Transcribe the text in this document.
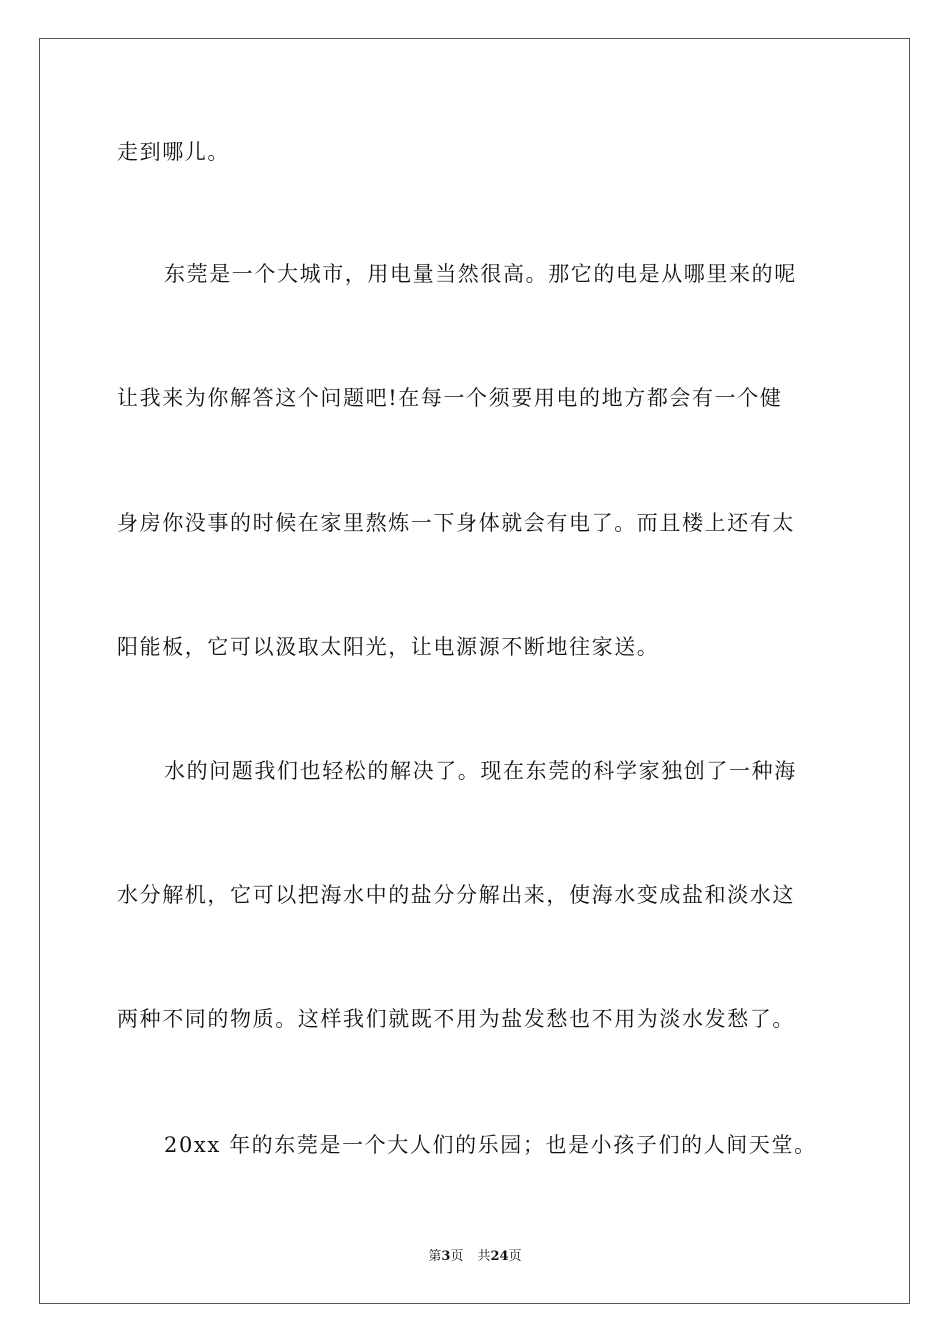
走到哪儿。

东莞是一个大城市，用电量当然很高。那它的电是从哪里来的呢

让我来为你解答这个问题吧!在每一个须要用电的地方都会有一个健

身房你没事的时候在家里熬炼一下身体就会有电了。而且楼上还有太

阳能板，它可以汲取太阳光，让电源源不断地往家送。

水的问题我们也轻松的解决了。现在东莞的科学家独创了一种海

水分解机，它可以把海水中的盐分分解出来，使海水变成盐和淡水这

两种不同的物质。这样我们就既不用为盐发愁也不用为淡水发愁了。

20xx 年的东莞是一个大人们的乐园；也是小孩子们的人间天堂。

第3页 共24页
